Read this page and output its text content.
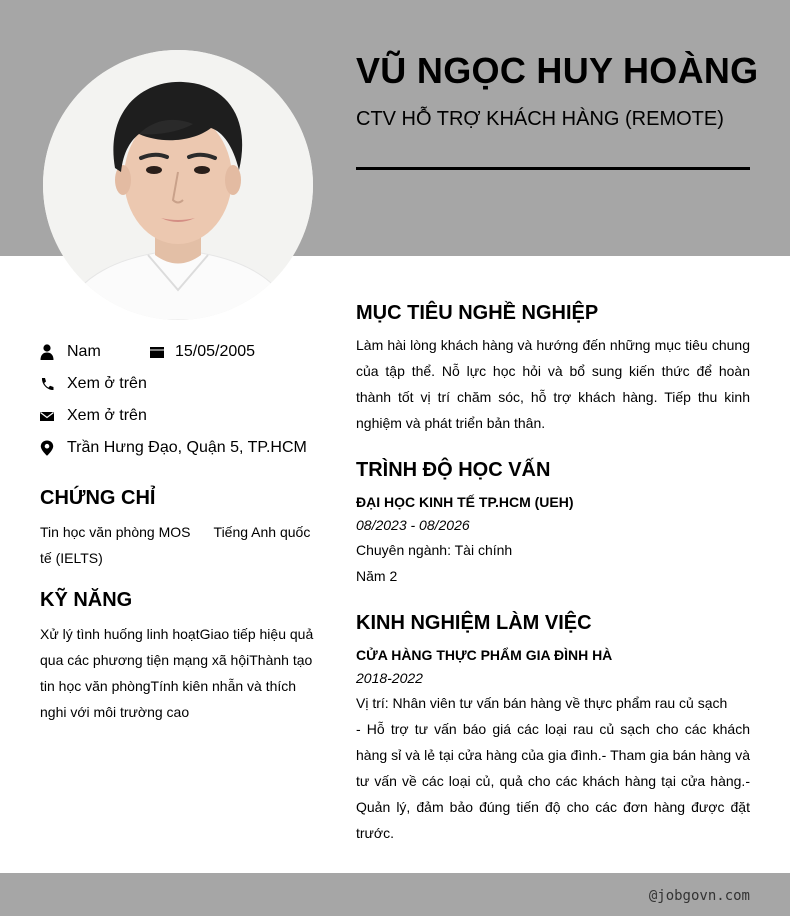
VŨ NGỌC HUY HOÀNG
CTV HỖ TRỢ KHÁCH HÀNG (REMOTE)
Nam	15/05/2005
Xem ở trên
Xem ở trên
Trần Hưng Đạo, Quận 5, TP.HCM
CHỨNG CHỈ
Tin học văn phòng MOS      Tiếng Anh quốc tế (IELTS)
KỸ NĂNG
Xử lý tình huống linh hoạtGiao tiếp hiệu quả qua các phương tiện mạng xã hộiThành tạo tin học văn phòngTính kiên nhẫn và thích nghi với môi trường cao
MỤC TIÊU NGHỀ NGHIỆP
Làm hài lòng khách hàng và hướng đến những mục tiêu chung của tập thể. Nỗ lực học hỏi và bổ sung kiến thức để hoàn thành tốt vị trí chăm sóc, hỗ trợ khách hàng. Tiếp thu kinh nghiệm và phát triển bản thân.
TRÌNH ĐỘ HỌC VẤN
ĐẠI HỌC KINH TẾ TP.HCM (UEH)
08/2023 - 08/2026
Chuyên ngành: Tài chính
Năm 2
KINH NGHIỆM LÀM VIỆC
CỬA HÀNG THỰC PHẨM GIA ĐÌNH HÀ
2018-2022
Vị trí: Nhân viên tư vấn bán hàng về thực phẩm rau củ sạch
- Hỗ trợ tư vấn báo giá các loại rau củ sạch cho các khách hàng sỉ và lẻ tại cửa hàng của gia đình.- Tham gia bán hàng và tư vấn về các loại củ, quả cho các khách hàng tại cửa hàng.- Quản lý, đảm bảo đúng tiến độ cho các đơn hàng được đặt trước.
@jobgovn.com
